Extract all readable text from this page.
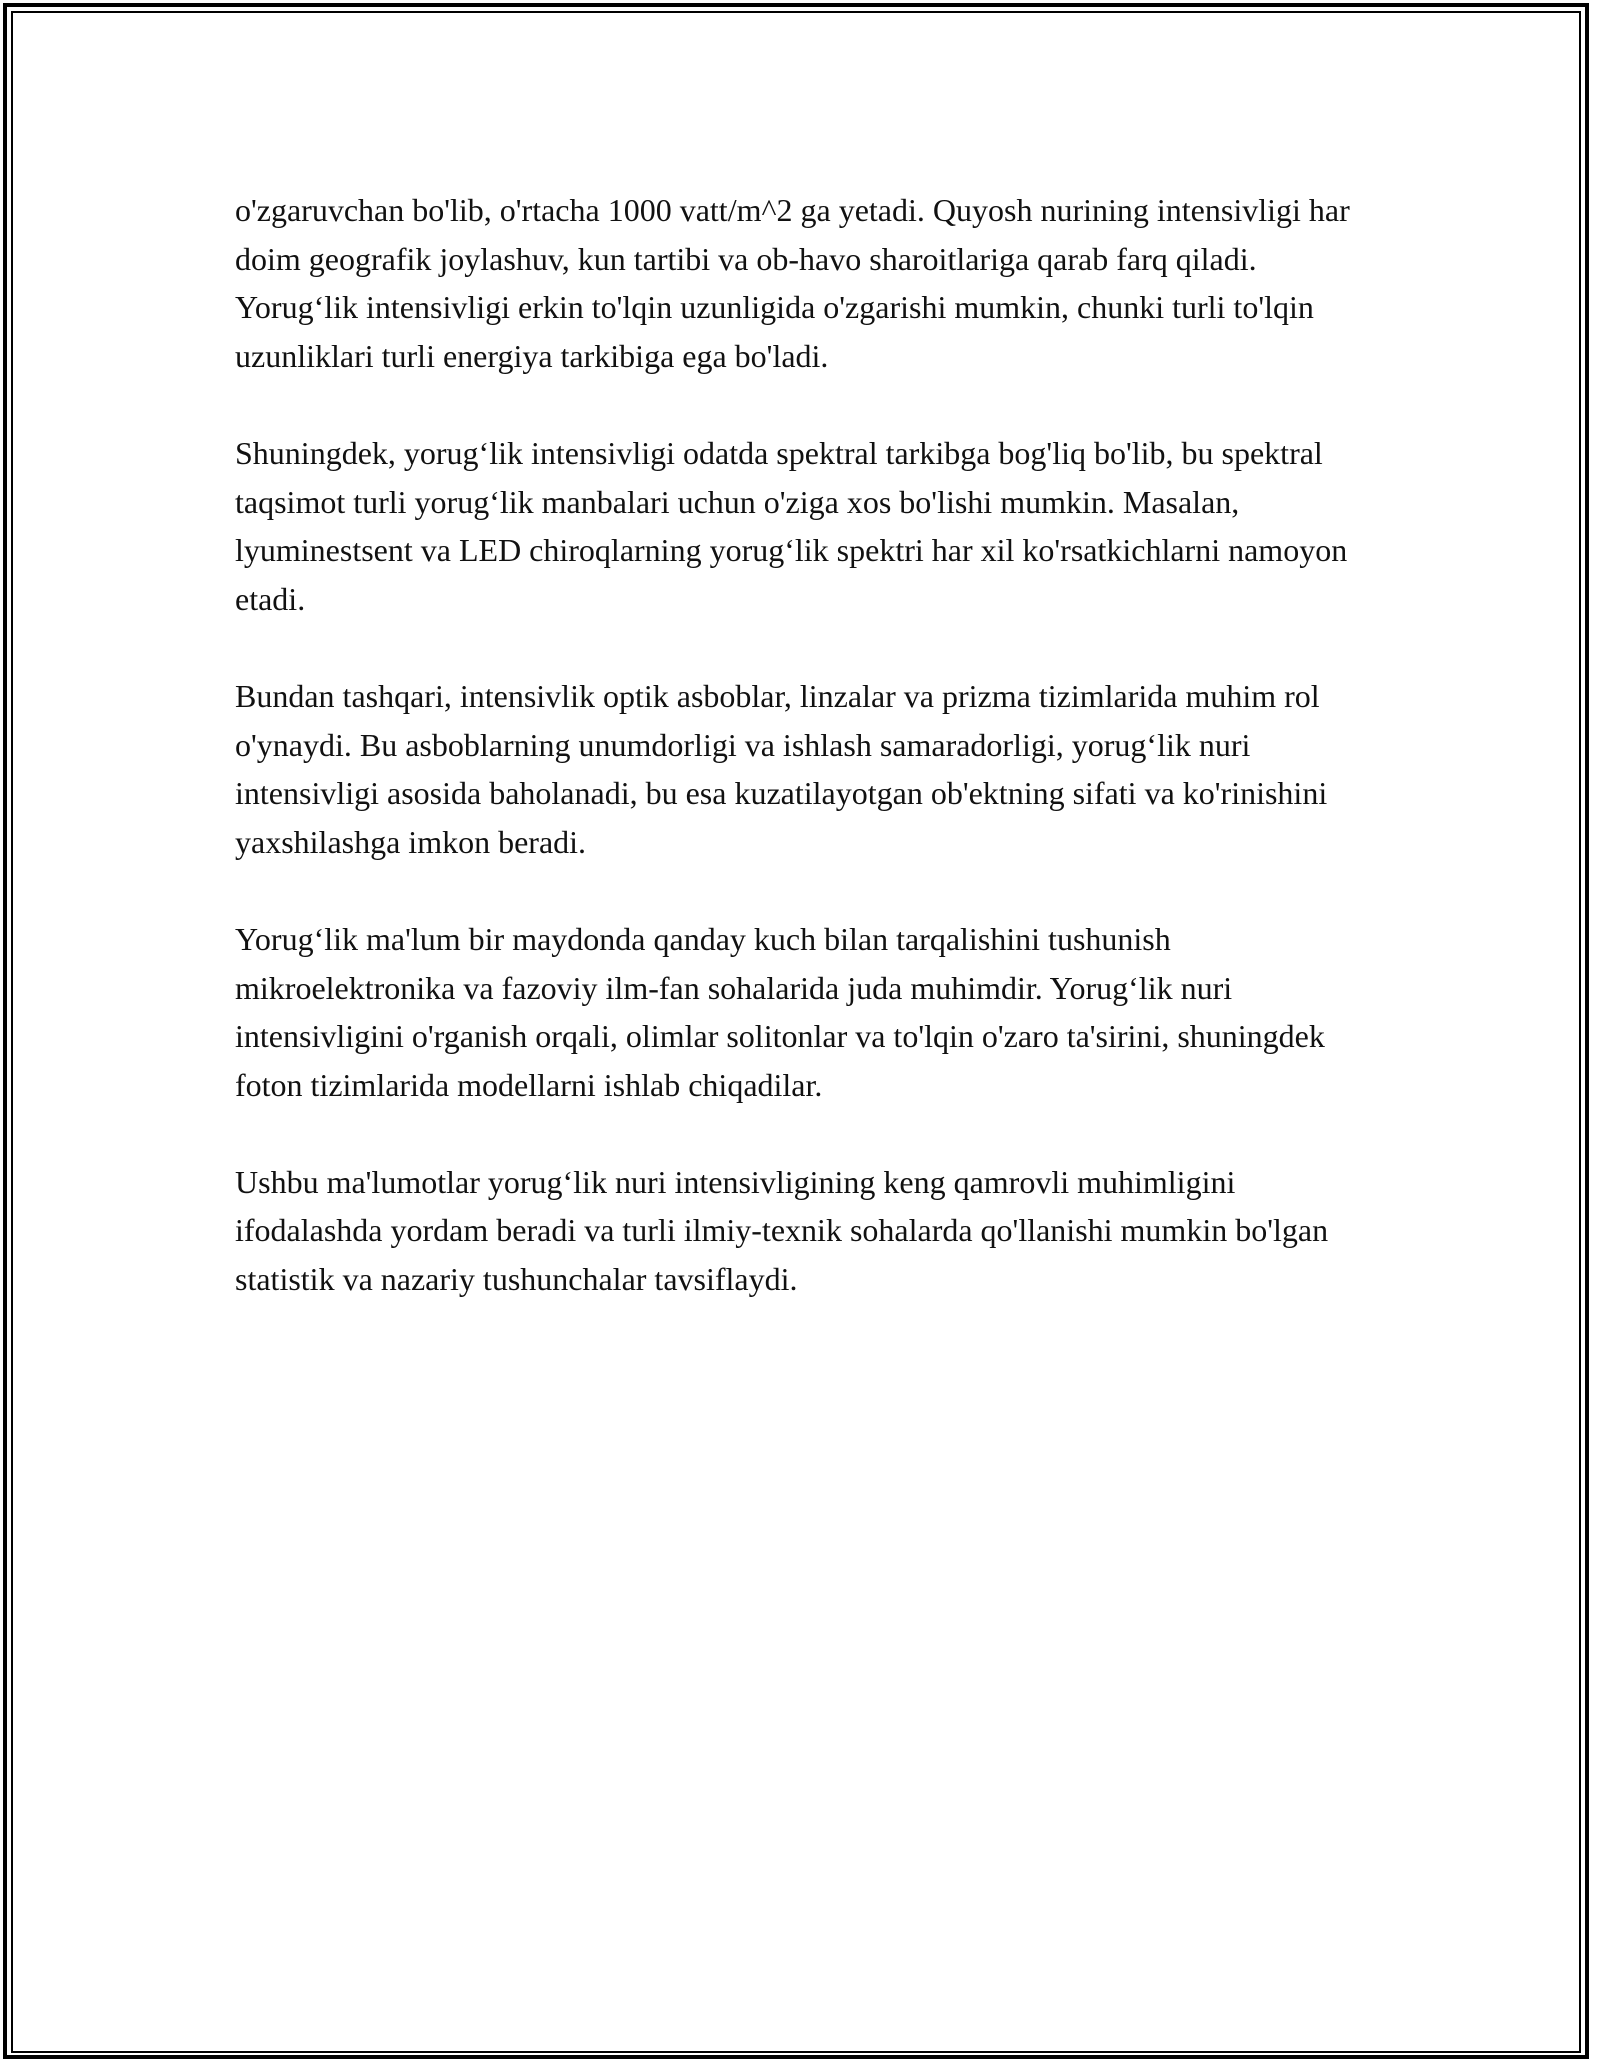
o'zgaruvchan bo'lib, o'rtacha 1000 vatt/m^2 ga yetadi. Quyosh nurining intensivligi har doim geografik joylashuv, kun tartibi va ob-havo sharoitlariga qarab farq qiladi. Yorug‘lik intensivligi erkin to'lqin uzunligida o'zgarishi mumkin, chunki turli to'lqin uzunliklari turli energiya tarkibiga ega bo'ladi.

Shuningdek, yorug‘lik intensivligi odatda spektral tarkibga bog'liq bo'lib, bu spektral taqsimot turli yorug‘lik manbalari uchun o'ziga xos bo'lishi mumkin. Masalan, lyuminestsent va LED chiroqlarning yorug‘lik spektri har xil ko'rsatkichlarni namoyon etadi.

Bundan tashqari, intensivlik optik asboblar, linzalar va prizma tizimlarida muhim rol o'ynaydi. Bu asboblarning unumdorligi va ishlash samaradorligi, yorug‘lik nuri intensivligi asosida baholanadi, bu esa kuzatilayotgan ob'ektning sifati va ko'rinishini yaxshilashga imkon beradi.

Yorug‘lik ma'lum bir maydonda qanday kuch bilan tarqalishini tushunish mikroelektronika va fazoviy ilm-fan sohalarida juda muhimdir. Yorug‘lik nuri intensivligini o'rganish orqali, olimlar solitonlar va to'lqin o'zaro ta'sirini, shuningdek foton tizimlarida modellarni ishlab chiqadilar.

Ushbu ma'lumotlar yorug‘lik nuri intensivligining keng qamrovli muhimligini ifodalashda yordam beradi va turli ilmiy-texnik sohalarda qo'llanishi mumkin bo'lgan statistik va nazariy tushunchalar tavsiflaydi.
